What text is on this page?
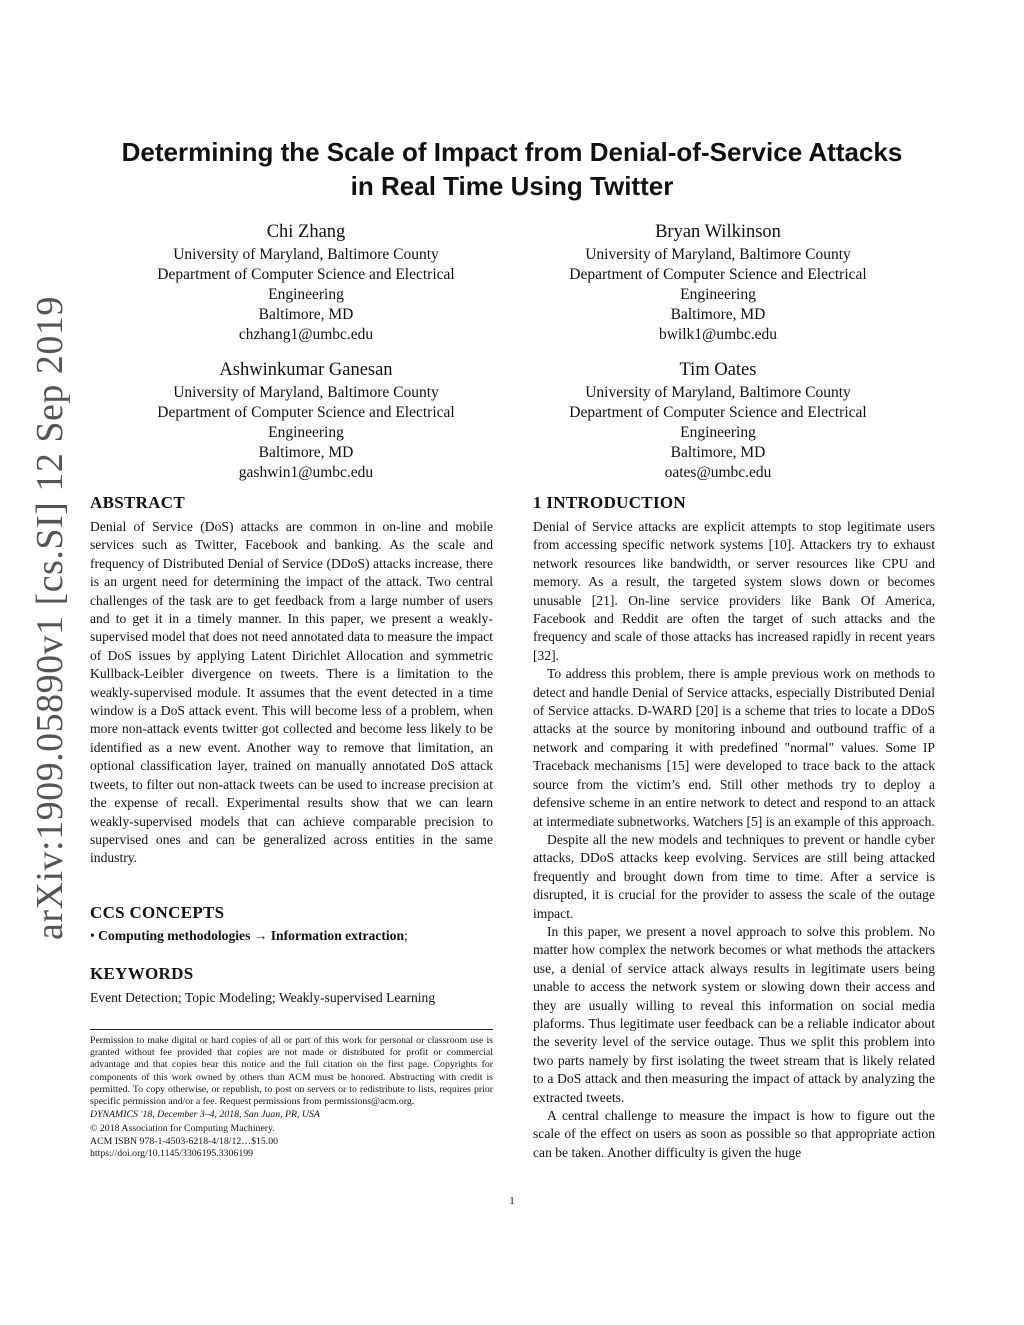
arXiv:1909.05890v1 [cs.SI] 12 Sep 2019
Determining the Scale of Impact from Denial-of-Service Attacks
in Real Time Using Twitter
Chi Zhang
University of Maryland, Baltimore County
Department of Computer Science and Electrical
Engineering
Baltimore, MD
chzhang1@umbc.edu
Bryan Wilkinson
University of Maryland, Baltimore County
Department of Computer Science and Electrical
Engineering
Baltimore, MD
bwilk1@umbc.edu
Ashwinkumar Ganesan
University of Maryland, Baltimore County
Department of Computer Science and Electrical
Engineering
Baltimore, MD
gashwin1@umbc.edu
Tim Oates
University of Maryland, Baltimore County
Department of Computer Science and Electrical
Engineering
Baltimore, MD
oates@umbc.edu
ABSTRACT

Denial of Service (DoS) attacks are common in on-line and mobile services such as Twitter, Facebook and banking. As the scale and frequency of Distributed Denial of Service (DDoS) attacks increase, there is an urgent need for determining the impact of the attack. Two central challenges of the task are to get feedback from a large number of users and to get it in a timely manner. In this paper, we present a weakly-supervised model that does not need annotated data to measure the impact of DoS issues by applying Latent Dirichlet Allocation and symmetric Kullback-Leibler divergence on tweets. There is a limitation to the weakly-supervised module. It assumes that the event detected in a time window is a DoS attack event. This will become less of a problem, when more non-attack events twitter got collected and become less likely to be identified as a new event. Another way to remove that limitation, an optional classification layer, trained on manually annotated DoS attack tweets, to filter out non-attack tweets can be used to increase precision at the expense of recall. Experimental results show that we can learn weakly-supervised models that can achieve comparable precision to supervised ones and can be generalized across entities in the same industry.

CCS CONCEPTS
• Computing methodologies → Information extraction;
KEYWORDS
Event Detection; Topic Modeling; Weakly-supervised Learning

Permission to make digital or hard copies of all or part of this work for personal or classroom use is granted without fee provided that copies are not made or distributed for profit or commercial advantage and that copies bear this notice and the full citation on the first page. Copyrights for components of this work owned by others than ACM must be honored. Abstracting with credit is permitted. To copy otherwise, or republish, to post on servers or to redistribute to lists, requires prior specific permission and/or a fee. Request permissions from permissions@acm.org.

DYNAMICS '18, December 3–4, 2018, San Juan, PR, USA

© 2018 Association for Computing Machinery.

ACM ISBN 978-1-4503-6218-4/18/12…$15.00

https://doi.org/10.1145/3306195.3306199

1 INTRODUCTION

Denial of Service attacks are explicit attempts to stop legitimate users from accessing specific network systems [10]. Attackers try to exhaust network resources like bandwidth, or server resources like CPU and memory. As a result, the targeted system slows down or becomes unusable [21]. On-line service providers like Bank Of America, Facebook and Reddit are often the target of such attacks and the frequency and scale of those attacks has increased rapidly in recent years [32].

To address this problem, there is ample previous work on methods to detect and handle Denial of Service attacks, especially Distributed Denial of Service attacks. D-WARD [20] is a scheme that tries to locate a DDoS attacks at the source by monitoring inbound and outbound traffic of a network and comparing it with predefined "normal" values. Some IP Traceback mechanisms [15] were developed to trace back to the attack source from the victim’s end. Still other methods try to deploy a defensive scheme in an entire network to detect and respond to an attack at intermediate subnetworks. Watchers [5] is an example of this approach.

Despite all the new models and techniques to prevent or handle cyber attacks, DDoS attacks keep evolving. Services are still being attacked frequently and brought down from time to time. After a service is disrupted, it is crucial for the provider to assess the scale of the outage impact.

In this paper, we present a novel approach to solve this problem. No matter how complex the network becomes or what methods the attackers use, a denial of service attack always results in legitimate users being unable to access the network system or slowing down their access and they are usually willing to reveal this information on social media plaforms. Thus legitimate user feedback can be a reliable indicator about the severity level of the service outage. Thus we split this problem into two parts namely by first isolating the tweet stream that is likely related to a DoS attack and then measuring the impact of attack by analyzing the extracted tweets.

A central challenge to measure the impact is how to figure out the scale of the effect on users as soon as possible so that appropriate action can be taken. Another difficulty is given the huge

1
